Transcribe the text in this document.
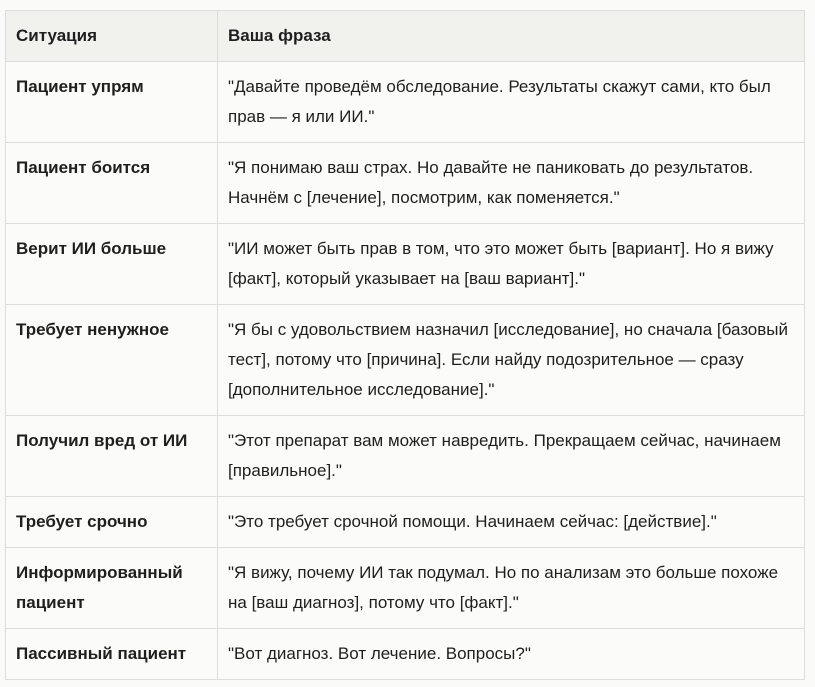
Ситуация	Ваша фраза
Пациент упрям	"Давайте проведём обследование. Результаты скажут сами, кто был прав — я или ИИ."
Пациент боится	"Я понимаю ваш страх. Но давайте не паниковать до результатов. Начнём с [лечение], посмотрим, как поменяется."
Верит ИИ больше	"ИИ может быть прав в том, что это может быть [вариант]. Но я вижу [факт], который указывает на [ваш вариант]."
Требует ненужное	"Я бы с удовольствием назначил [исследование], но сначала [базовый тест], потому что [причина]. Если найду подозрительное — сразу [дополнительное исследование]."
Получил вред от ИИ	"Этот препарат вам может навредить. Прекращаем сейчас, начинаем [правильное]."
Требует срочно	"Это требует срочной помощи. Начинаем сейчас: [действие]."
Информированный пациент	"Я вижу, почему ИИ так подумал. Но по анализам это больше похоже на [ваш диагноз], потому что [факт]."
Пассивный пациент	"Вот диагноз. Вот лечение. Вопросы?"
